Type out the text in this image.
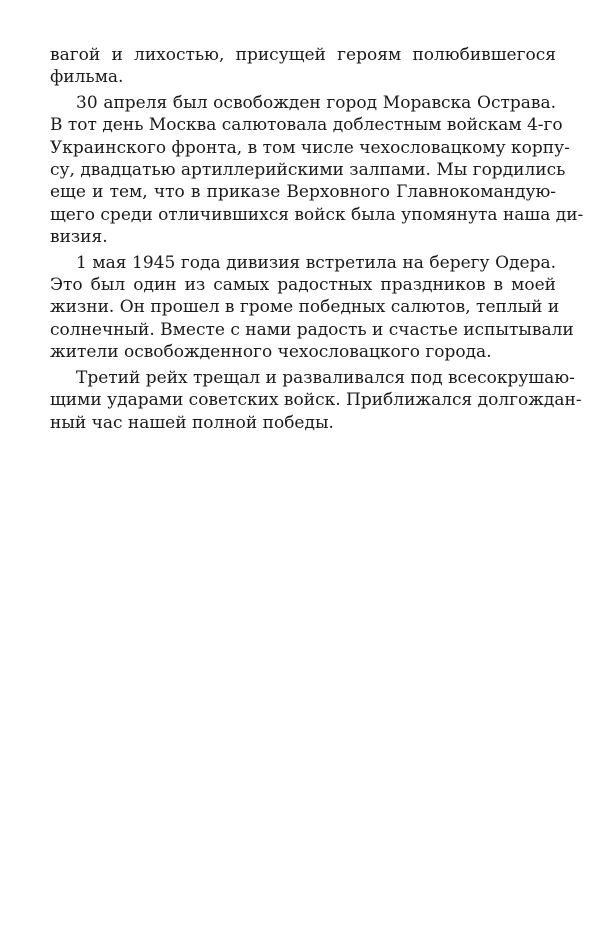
вагой и лихостью, присущей героям полюбившегося
фильма.
30 апреля был освобожден город Моравска Острава.
В тот день Москва салютовала доблестным войскам 4-го
Украинского фронта, в том числе чехословацкому корпу-
су, двадцатью артиллерийскими залпами. Мы гордились
еще и тем, что в приказе Верховного Главнокомандую-
щего среди отличившихся войск была упомянута наша ди-
визия.
1 мая 1945 года дивизия встретила на берегу Одера.
Это был один из самых радостных праздников в моей
жизни. Он прошел в громе победных салютов, теплый и
солнечный. Вместе с нами радость и счастье испытывали
жители освобожденного чехословацкого города.
Третий рейх трещал и разваливался под всесокрушаю-
щими ударами советских войск. Приближался долгождан-
ный час нашей полной победы.
